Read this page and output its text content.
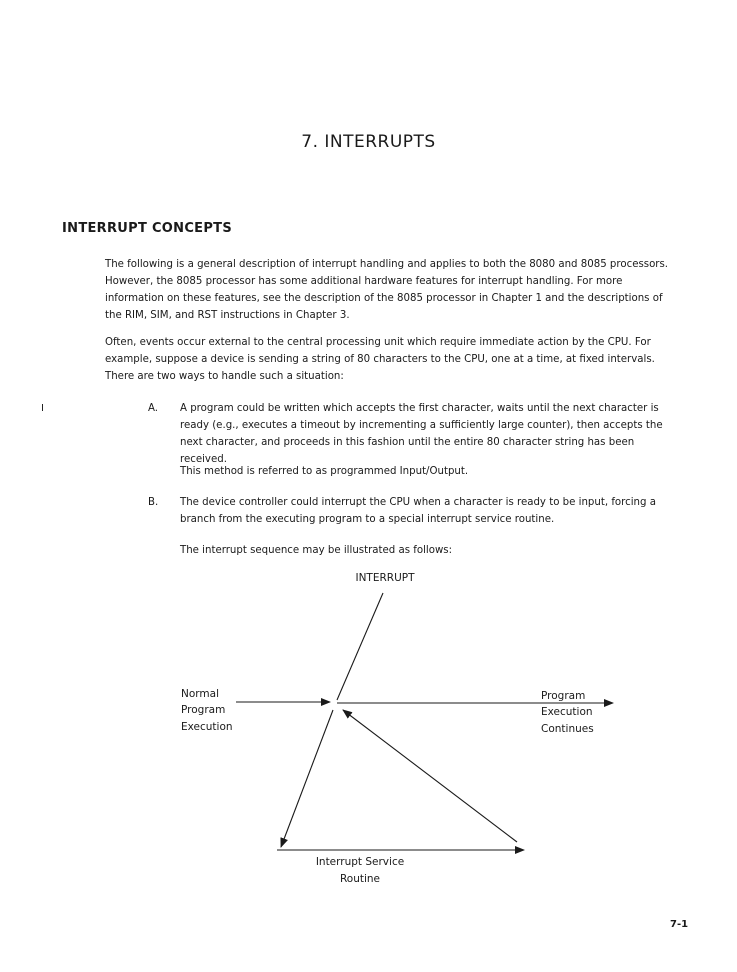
7. INTERRUPTS
INTERRUPT CONCEPTS

The following is a general description of interrupt handling and applies to both the 8080 and 8085 processors. However, the 8085 processor has some additional hardware features for interrupt handling. For more information on these features, see the description of the 8085 processor in Chapter 1 and the descriptions of the RIM, SIM, and RST instructions in Chapter 3.

Often, events occur external to the central processing unit which require immediate action by the CPU. For example, suppose a device is sending a string of 80 characters to the CPU, one at a time, at fixed intervals. There are two ways to handle such a situation:

I	A. A program could be written which accepts the first character, waits until the next character is ready (e.g., executes a timeout by incrementing a sufficiently large counter), then accepts the next character, and proceeds in this fashion until the entire 80 character string has been received.

This method is referred to as programmed Input/Output.

B. The device controller could interrupt the CPU when a character is ready to be input, forcing a branch from the executing program to a special interrupt service routine.

The interrupt sequence may be illustrated as follows:

INTERRUPT
Normal
Program
Execution
Program
Execution
Continues
Interrupt Service
Routine
7-1
